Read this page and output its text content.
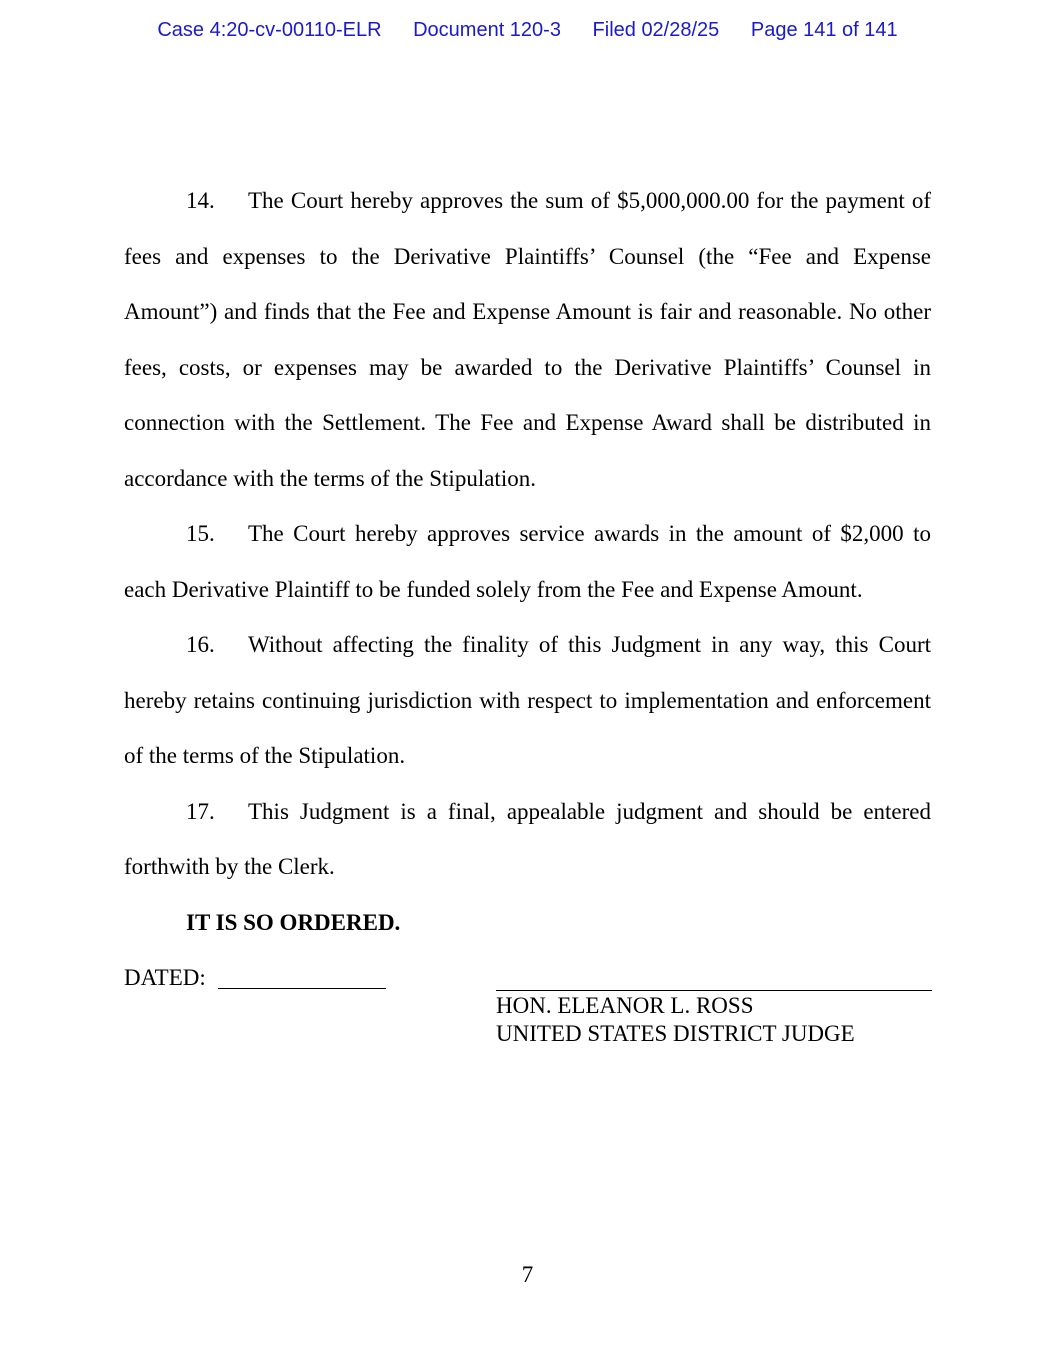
Case 4:20-cv-00110-ELR Document 120-3 Filed 02/28/25 Page 141 of 141

14. The Court hereby approves the sum of $5,000,000.00 for the payment of fees and expenses to the Derivative Plaintiffs’ Counsel (the “Fee and Expense Amount”) and finds that the Fee and Expense Amount is fair and reasonable. No other fees, costs, or expenses may be awarded to the Derivative Plaintiffs’ Counsel in connection with the Settlement. The Fee and Expense Award shall be distributed in accordance with the terms of the Stipulation.

15. The Court hereby approves service awards in the amount of $2,000 to each Derivative Plaintiff to be funded solely from the Fee and Expense Amount.

16. Without affecting the finality of this Judgment in any way, this Court hereby retains continuing jurisdiction with respect to implementation and enforcement of the terms of the Stipulation.

17. This Judgment is a final, appealable judgment and should be entered forthwith by the Clerk.

IT IS SO ORDERED.

DATED:
HON. ELEANOR L. ROSS
UNITED STATES DISTRICT JUDGE
7
